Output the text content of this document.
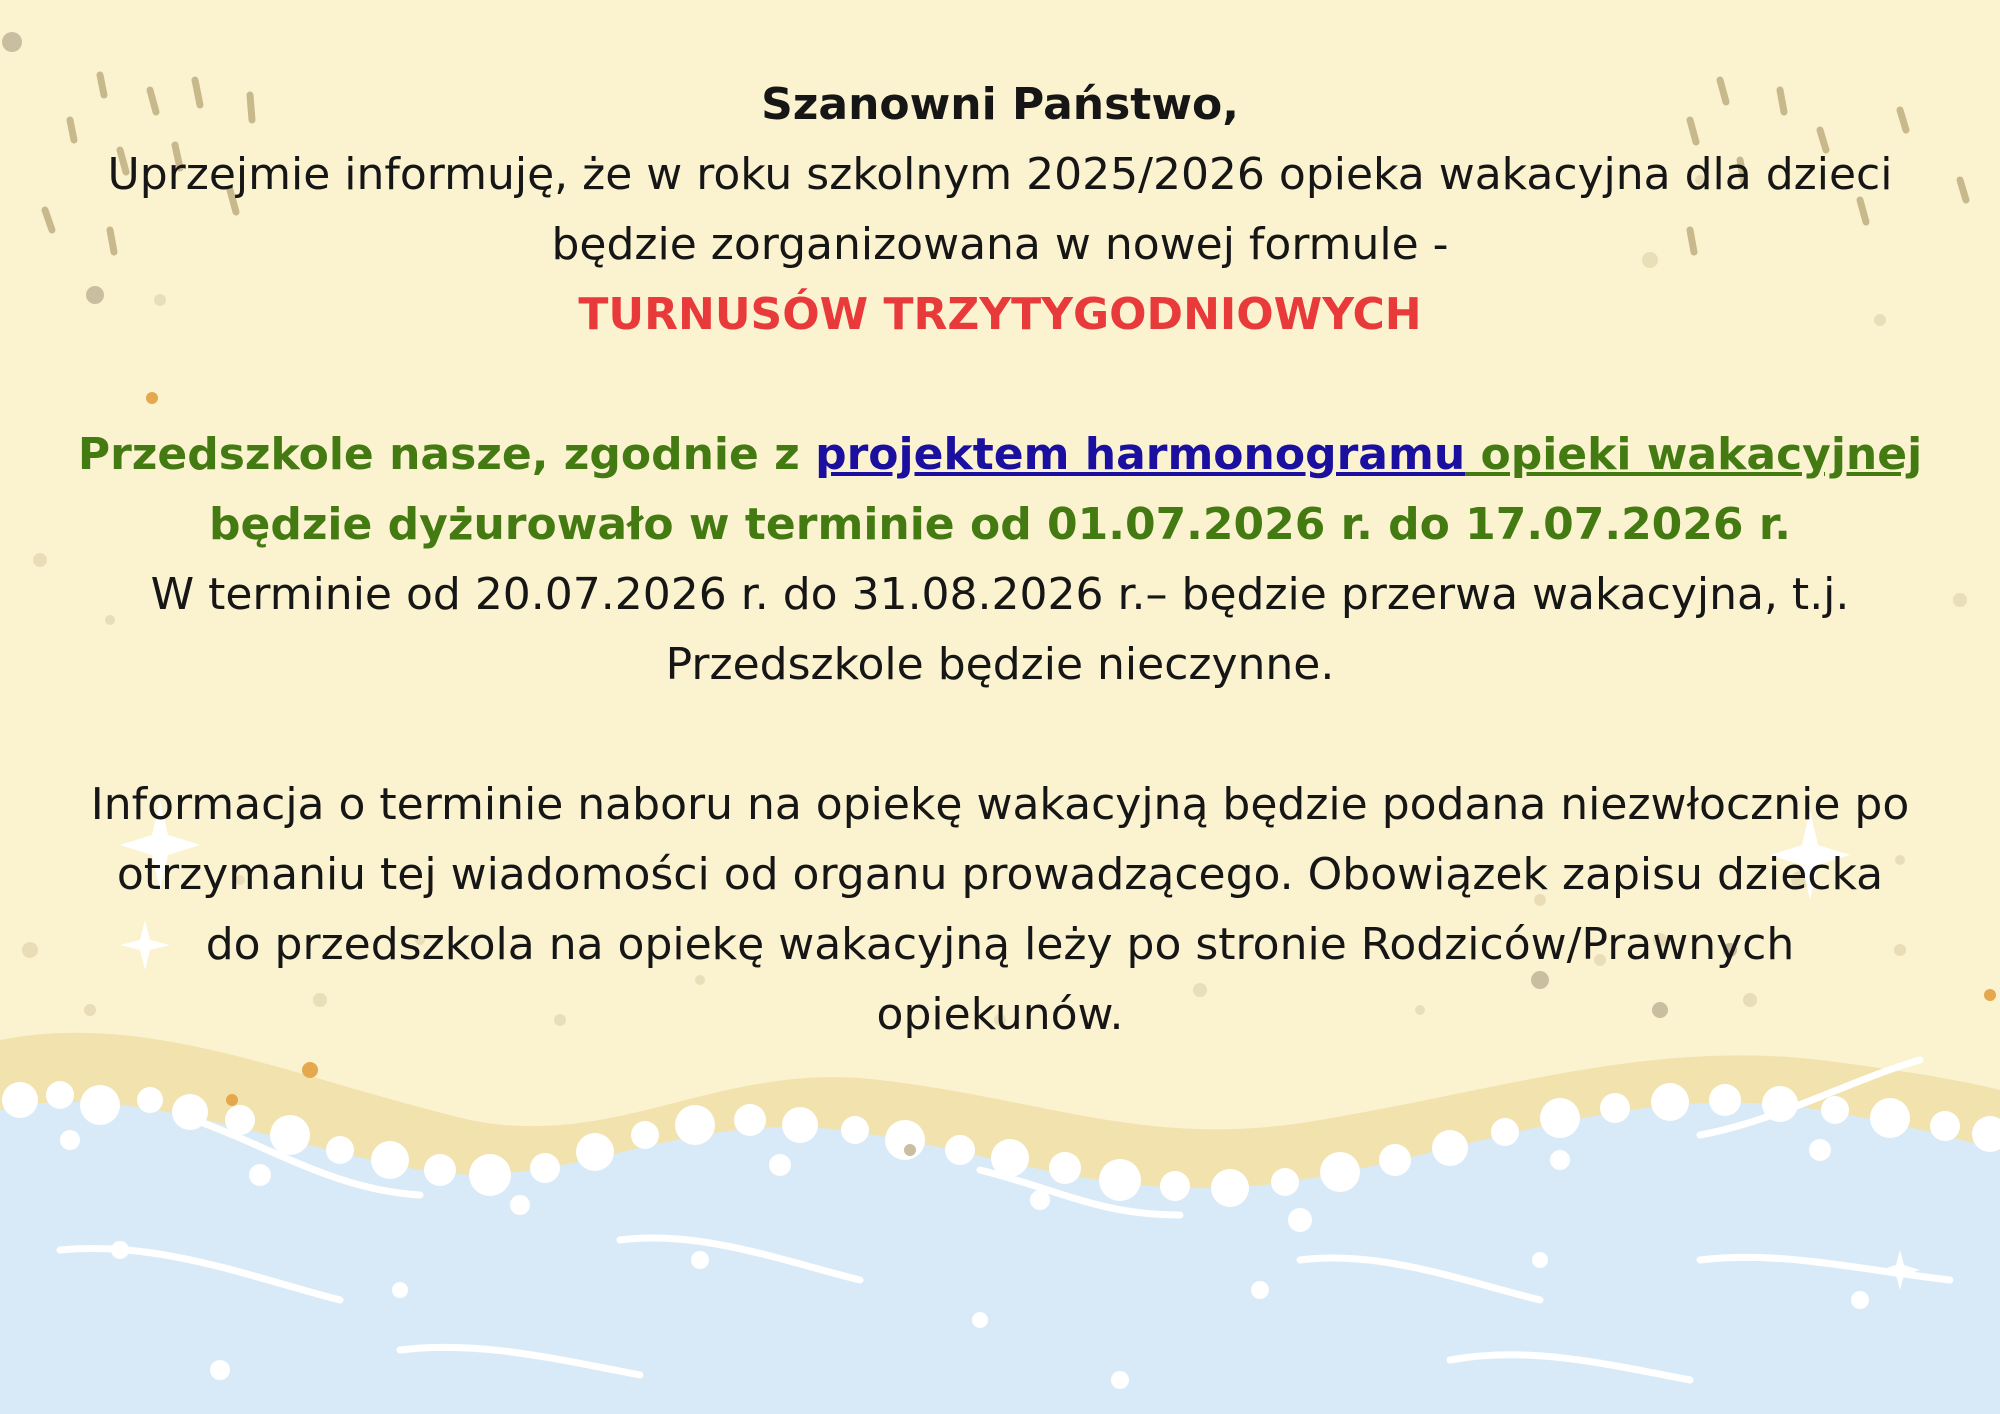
Szanowni Państwo,

Uprzejmie informuję, że w roku szkolnym 2025/2026 opieka wakacyjna dla dzieci

będzie zorganizowana w nowej formule -

TURNUSÓW TRZYTYGODNIOWYCH

Przedszkole nasze, zgodnie z projektem harmonogramu opieki wakacyjnej

będzie dyżurowało w terminie od 01.07.2026 r. do 17.07.2026 r.

W terminie od 20.07.2026 r. do 31.08.2026 r.– będzie przerwa wakacyjna, t.j.

Przedszkole będzie nieczynne.

Informacja o terminie naboru na opiekę wakacyjną będzie podana niezwłocznie po

otrzymaniu tej wiadomości od organu prowadzącego. Obowiązek zapisu dziecka

do przedszkola na opiekę wakacyjną leży po stronie Rodziców/Prawnych

opiekunów.
